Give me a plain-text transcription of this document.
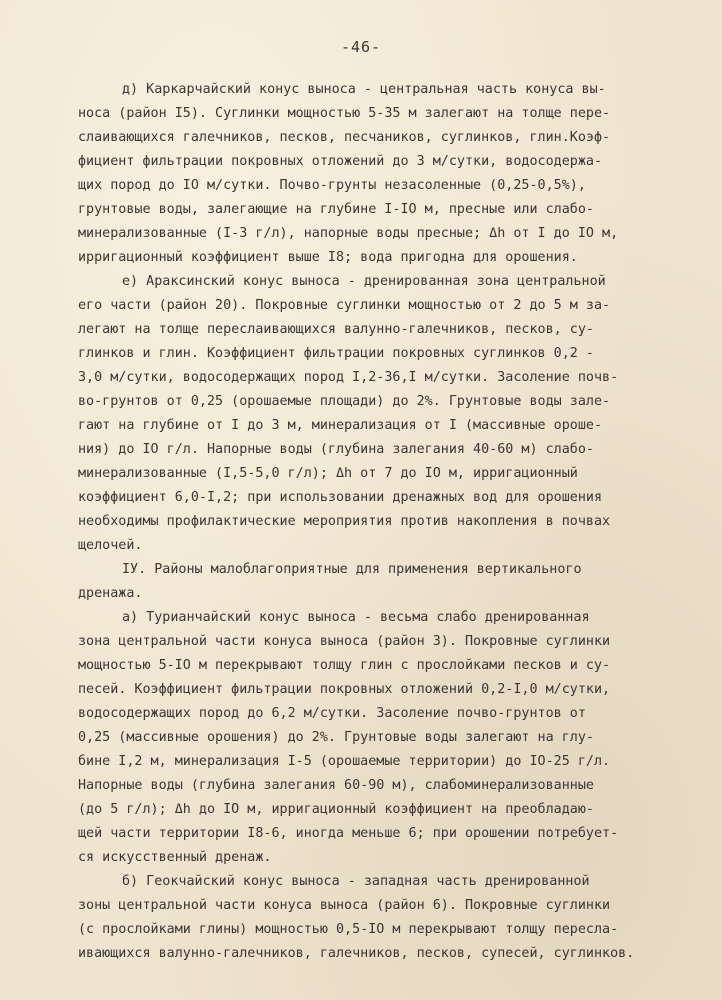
-46-
д) Каркарчайский конус выноса - центральная часть конуса вы-
носа (район I5). Суглинки мощностью 5-35 м залегают на толще пере-
слаивающихся галечников, песков, песчаников, суглинков, глин.Коэф-
фициент фильтрации покровных отложений до 3 м/сутки, водосодержа-
щих пород до IO м/сутки. Почво-грунты незасоленные (0,25-0,5%),
грунтовые воды, залегающие на глубине I-IO м, пресные или слабо-
минерализованные (I-3 г/л), напорные воды пресные; Δh от I до IO м,
ирригационный коэффициент выше I8; вода пригодна для орошения.
е) Араксинский конус выноса - дренированная зона центральной
его части (район 20). Покровные суглинки мощностью от 2 до 5 м за-
легают на толще переслаивающихся валунно-галечников, песков, су-
глинков и глин. Коэффициент фильтрации покровных суглинков 0,2 -
3,0 м/сутки, водосодержащих пород I,2-36,I м/сутки. Засоление почв-
во-грунтов от 0,25 (орошаемые площади) до 2%. Грунтовые воды зале-
гают на глубине от I до 3 м, минерализация от I (массивные ороше-
ния) до IO г/л. Напорные воды (глубина залегания 40-60 м) слабо-
минерализованные (I,5-5,0 г/л); Δh от 7 до IO м, ирригационный
коэффициент 6,0-I,2; при использовании дренажных вод для орошения
необходимы профилактические мероприятия против накопления в почвах
щелочей.
IУ. Районы малоблагоприятные для применения вертикального
дренажа.
а) Турианчайский конус выноса - весьма слабо дренированная
зона центральной части конуса выноса (район 3). Покровные суглинки
мощностью 5-IO м перекрывают толщу глин с прослойками песков и су-
песей. Коэффициент фильтрации покровных отложений 0,2-I,0 м/сутки,
водосодержащих пород до 6,2 м/сутки. Засоление почво-грунтов от
0,25 (массивные орошения) до 2%. Грунтовые воды залегают на глу-
бине I,2 м, минерализация I-5 (орошаемые территории) до IO-25 г/л.
Напорные воды (глубина залегания 60-90 м), слабоминерализованные
(до 5 г/л); Δh до IO м, ирригационный коэффициент на преобладаю-
щей части территории I8-6, иногда меньше 6; при орошении потребует-
ся искусственный дренаж.
б) Геокчайский конус выноса - западная часть дренированной
зоны центральной части конуса выноса (район 6). Покровные суглинки
(с прослойками глины) мощностью 0,5-IO м перекрывают толщу пересла-
ивающихся валунно-галечников, галечников, песков, супесей, суглинков.
